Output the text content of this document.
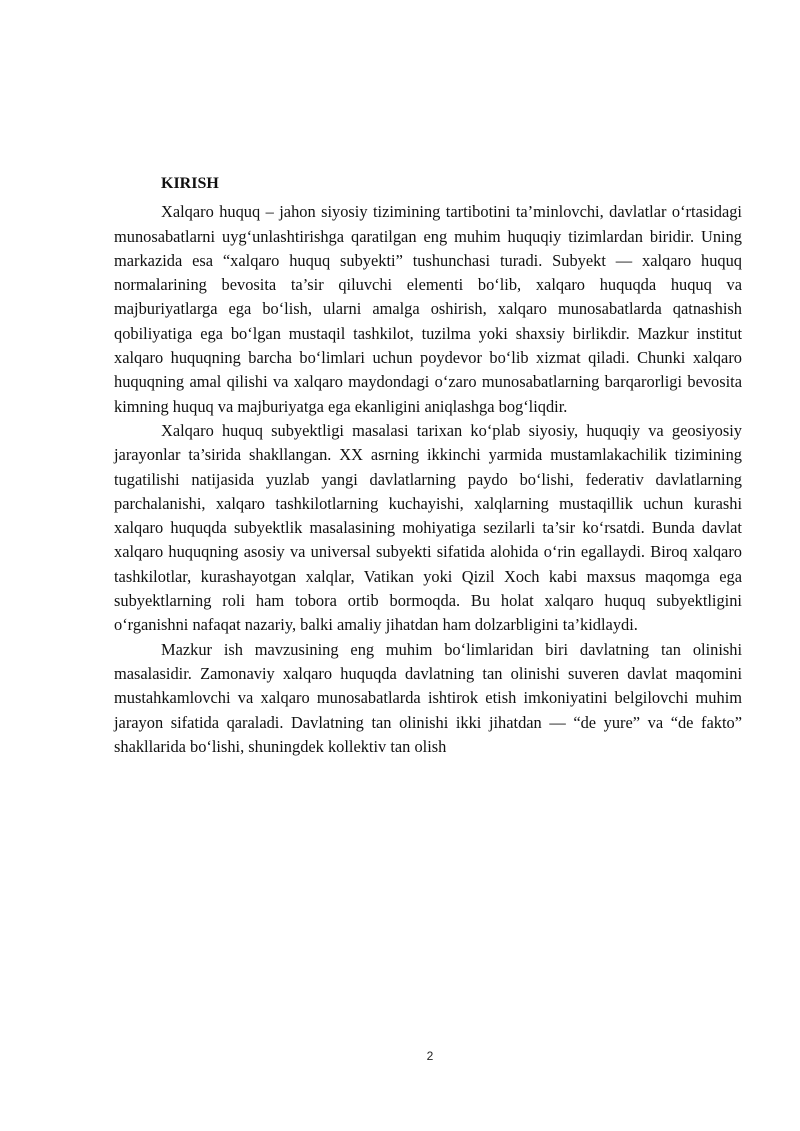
KIRISH

Xalqaro huquq – jahon siyosiy tizimining tartibotini ta’minlovchi, davlatlar o‘rtasidagi munosabatlarni uyg‘unlashtirishga qaratilgan eng muhim huquqiy tizimlardan biridir. Uning markazida esa “xalqaro huquq subyekti” tushunchasi turadi. Subyekt — xalqaro huquq normalarining bevosita ta’sir qiluvchi elementi bo‘lib, xalqaro huquqda huquq va majburiyatlarga ega bo‘lish, ularni amalga oshirish, xalqaro munosabatlarda qatnashish qobiliyatiga ega bo‘lgan mustaqil tashkilot, tuzilma yoki shaxsiy birlikdir. Mazkur institut xalqaro huquqning barcha bo‘limlari uchun poydevor bo‘lib xizmat qiladi. Chunki xalqaro huquqning amal qilishi va xalqaro maydondagi o‘zaro munosabatlarning barqarorligi bevosita kimning huquq va majburiyatga ega ekanligini aniqlashga bog‘liqdir.

Xalqaro huquq subyektligi masalasi tarixan ko‘plab siyosiy, huquqiy va geosiyosiy jarayonlar ta’sirida shakllangan. XX asrning ikkinchi yarmida mustamlakachilik tizimining tugatilishi natijasida yuzlab yangi davlatlarning paydo bo‘lishi, federativ davlatlarning parchalanishi, xalqaro tashkilotlarning kuchayishi, xalqlarning mustaqillik uchun kurashi xalqaro huquqda subyektlik masalasining mohiyatiga sezilarli ta’sir ko‘rsatdi. Bunda davlat xalqaro huquqning asosiy va universal subyekti sifatida alohida o‘rin egallaydi. Biroq xalqaro tashkilotlar, kurashayotgan xalqlar, Vatikan yoki Qizil Xoch kabi maxsus maqomga ega subyektlarning roli ham tobora ortib bormoqda. Bu holat xalqaro huquq subyektligini o‘rganishni nafaqat nazariy, balki amaliy jihatdan ham dolzarbligini ta’kidlaydi.

Mazkur ish mavzusining eng muhim bo‘limlaridan biri davlatning tan olinishi masalasidir. Zamonaviy xalqaro huquqda davlatning tan olinishi suveren davlat maqomini mustahkamlovchi va xalqaro munosabatlarda ishtirok etish imkoniyatini belgilovchi muhim jarayon sifatida qaraladi. Davlatning tan olinishi ikki jihatdan — “de yure” va “de fakto” shakllarida bo‘lishi, shuningdek kollektiv tan olish

2
